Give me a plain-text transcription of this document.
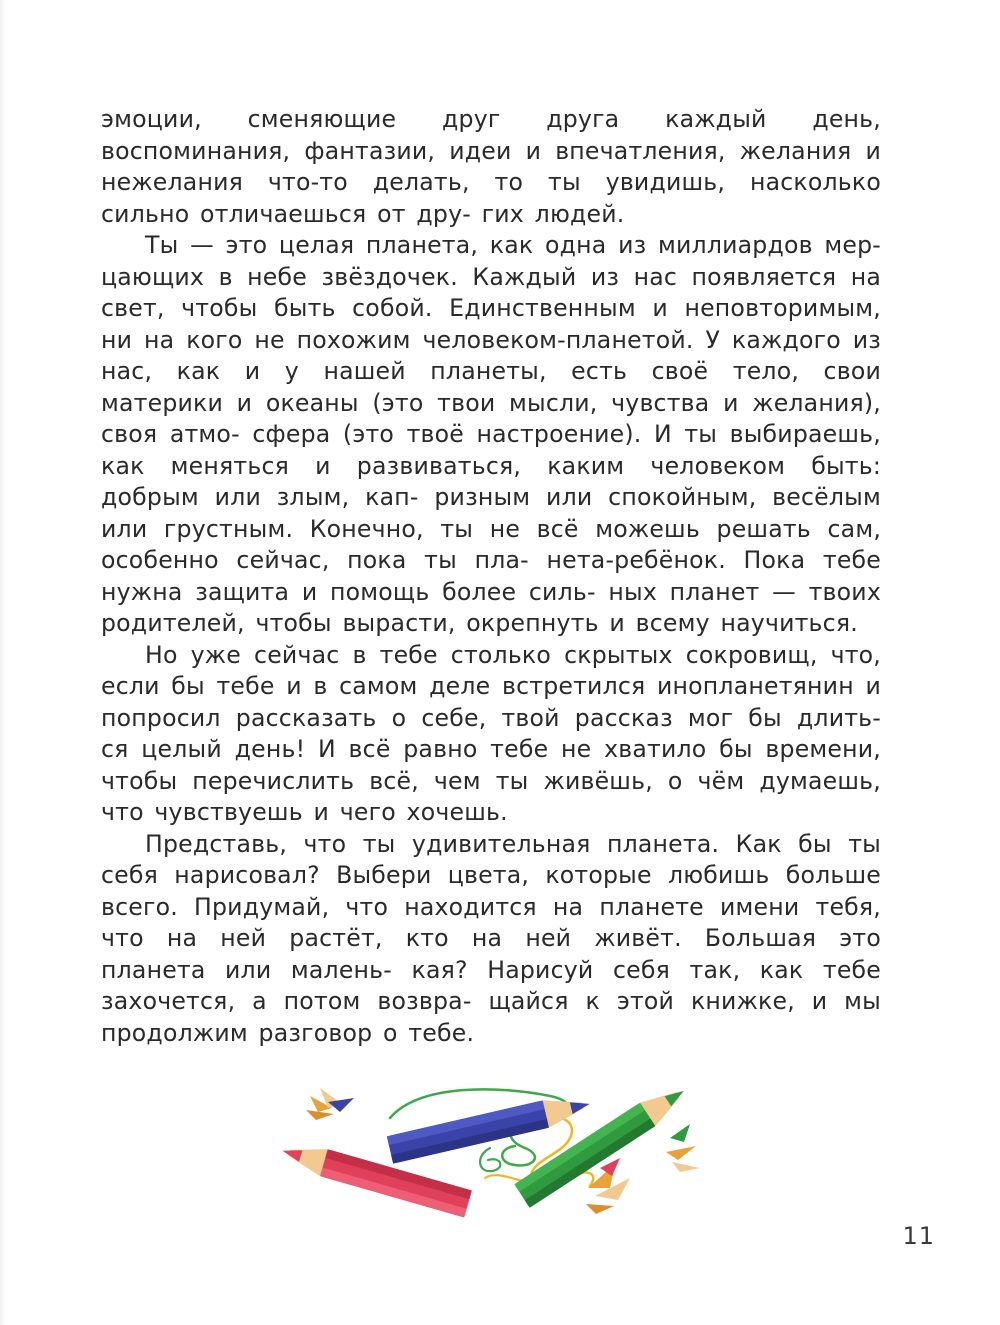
эмоции, сменяющие друг друга каждый день, воспоминания, фантазии, идеи и впечатления, желания и нежелания что-то делать, то ты увидишь, насколько сильно отличаешься от дру- гих людей.

Ты — это целая планета, как одна из миллиардов мер- цающих в небе звёздочек. Каждый из нас появляется на свет, чтобы быть собой. Единственным и неповторимым, ни на кого не похожим человеком-планетой. У каждого из нас, как и у нашей планеты, есть своё тело, свои материки и океаны (это твои мысли, чувства и желания), своя атмо- сфера (это твоё настроение). И ты выбираешь, как меняться и развиваться, каким человеком быть: добрым или злым, кап- ризным или спокойным, весёлым или грустным. Конечно, ты не всё можешь решать сам, особенно сейчас, пока ты пла- нета-ребёнок. Пока тебе нужна защита и помощь более силь- ных планет — твоих родителей, чтобы вырасти, окрепнуть и всему научиться.

Но уже сейчас в тебе столько скрытых сокровищ, что, если бы тебе и в самом деле встретился инопланетянин и попросил рассказать о себе, твой рассказ мог бы длить- ся целый день! И всё равно тебе не хватило бы времени, чтобы перечислить всё, чем ты живёшь, о чём думаешь, что чувствуешь и чего хочешь.

Представь, что ты удивительная планета. Как бы ты себя нарисовал? Выбери цвета, которые любишь больше всего. Придумай, что находится на планете имени тебя, что на ней растёт, кто на ней живёт. Большая это планета или малень- кая? Нарисуй себя так, как тебе захочется, а потом возвра- щайся к этой книжке, и мы продолжим разговор о тебе.

11
